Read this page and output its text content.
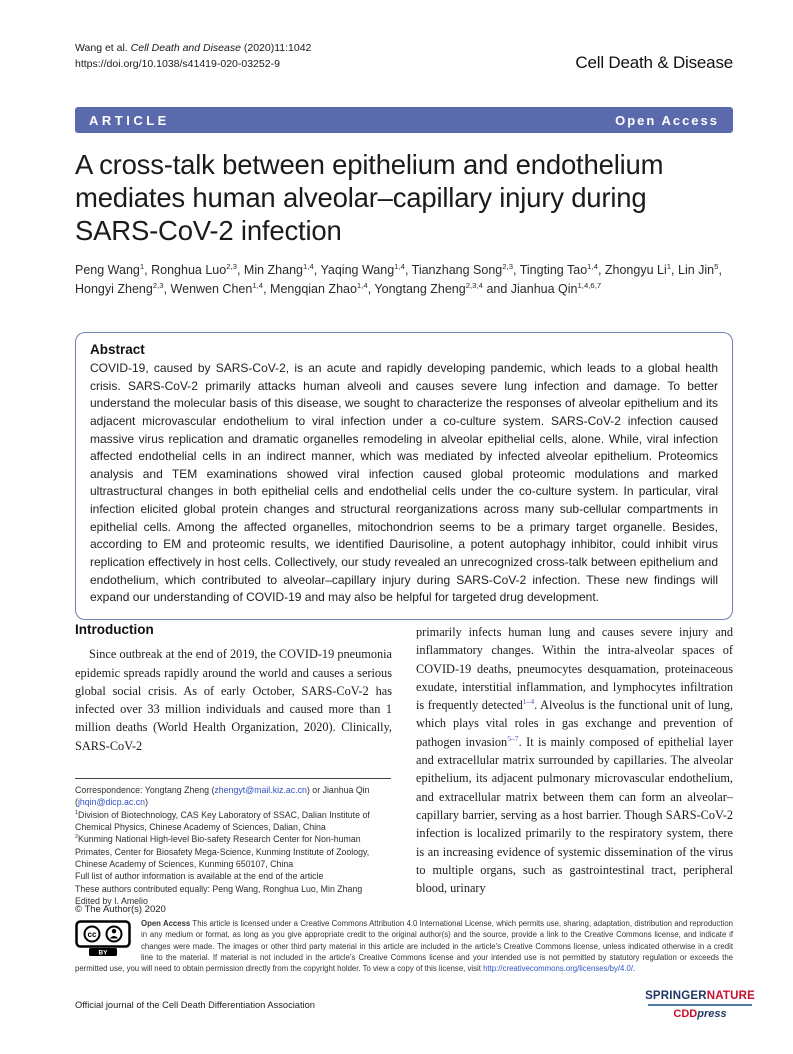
Wang et al. Cell Death and Disease (2020)11:1042
https://doi.org/10.1038/s41419-020-03252-9	Cell Death & Disease
ARTICLE	Open Access
A cross-talk between epithelium and endothelium mediates human alveolar–capillary injury during SARS-CoV-2 infection
Peng Wang$^1$, Ronghua Luo$^{2,3}$, Min Zhang$^{1,4}$, Yaqing Wang$^{1,4}$, Tianzhang Song$^{2,3}$, Tingting Tao$^{1,4}$, Zhongyu Li$^1$, Lin Jin$^5$, Hongyi Zheng$^{2,3}$, Wenwen Chen$^{1,4}$, Mengqian Zhao$^{1,4}$, Yongtang Zheng$^{2,3,4}$ and Jianhua Qin$^{1,4,6,7}$
Abstract

COVID-19, caused by SARS-CoV-2, is an acute and rapidly developing pandemic, which leads to a global health crisis. SARS-CoV-2 primarily attacks human alveoli and causes severe lung infection and damage. To better understand the molecular basis of this disease, we sought to characterize the responses of alveolar epithelium and its adjacent microvascular endothelium to viral infection under a co-culture system. SARS-CoV-2 infection caused massive virus replication and dramatic organelles remodeling in alveolar epithelial cells, alone. While, viral infection affected endothelial cells in an indirect manner, which was mediated by infected alveolar epithelium. Proteomics analysis and TEM examinations showed viral infection caused global proteomic modulations and marked ultrastructural changes in both epithelial cells and endothelial cells under the co-culture system. In particular, viral infection elicited global protein changes and structural reorganizations across many sub-cellular compartments in epithelial cells. Among the affected organelles, mitochondrion seems to be a primary target organelle. Besides, according to EM and proteomic results, we identified Daurisoline, a potent autophagy inhibitor, could inhibit virus replication effectively in host cells. Collectively, our study revealed an unrecognized cross-talk between epithelium and endothelium, which contributed to alveolar–capillary injury during SARS-CoV-2 infection. These new findings will expand our understanding of COVID-19 and may also be helpful for targeted drug development.

Introduction

Since outbreak at the end of 2019, the COVID-19 pneumonia epidemic spreads rapidly around the world and causes a serious global social crisis. As of early October, SARS-CoV-2 has infected over 33 million individuals and caused more than 1 million deaths (World Health Organization, 2020). Clinically, SARS-CoV-2

primarily infects human lung and causes severe injury and inflammatory changes. Within the intra-alveolar spaces of COVID-19 deaths, pneumocytes desquamation, proteinaceous exudate, interstitial inflammation, and lymphocytes infiltration is frequently detected$^{1-4}$. Alveolus is the functional unit of lung, which plays vital roles in gas exchange and prevention of pathogen invasion$^{5-7}$. It is mainly composed of epithelial layer and extracellular matrix surrounded by capillaries. The alveolar epithelium, its adjacent pulmonary microvascular endothelium, and extracellular matrix between them can form an alveolar–capillary barrier, serving as a host barrier. Though SARS-CoV-2 infection is localized primarily to the respiratory system, there is an increasing evidence of systemic dissemination of the virus to multiple organs, such as gastrointestinal tract, peripheral blood, urinary

Correspondence: Yongtang Zheng (zhengyt@mail.kiz.ac.cn) or Jianhua Qin (jhqin@dicp.ac.cn)
$^1$Division of Biotechnology, CAS Key Laboratory of SSAC, Dalian Institute of Chemical Physics, Chinese Academy of Sciences, Dalian, China
$^2$Kunming National High-level Bio-safety Research Center for Non-human Primates, Center for Biosafety Mega-Science, Kunming Institute of Zoology, Chinese Academy of Sciences, Kunming 650107, China
Full list of author information is available at the end of the article
These authors contributed equally: Peng Wang, Ronghua Luo, Min Zhang
Edited by I. Amelio
© The Author(s) 2020
cc
BY
Open Access This article is licensed under a Creative Commons Attribution 4.0 International License, which permits use, sharing, adaptation, distribution and reproduction in any medium or format, as long as you give appropriate credit to the original author(s) and the source, provide a link to the Creative Commons license, and indicate if changes were made. The images or other third party material in this article are included in the article's Creative Commons license, unless indicated otherwise in a credit line to the material. If material is not included in the article's Creative Commons license and your intended use is not permitted by statutory regulation or exceeds the permitted use, you will need to obtain permission directly from the copyright holder. To view a copy of this license, visit http://creativecommons.org/licenses/by/4.0/.
Official journal of the Cell Death Differentiation Association
SPRINGERNATURE
CDDpress
